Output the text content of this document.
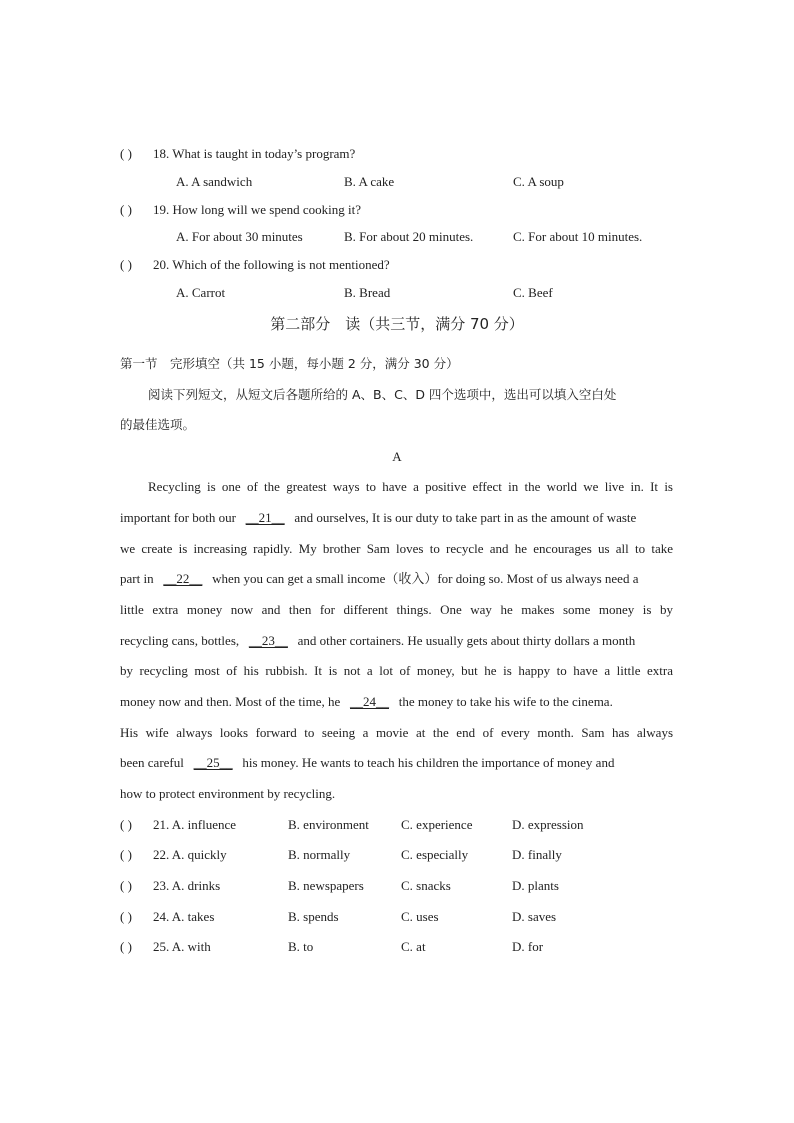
( ) 18. What is taught in today’s program?
A. A sandwich	B. A cake	C. A soup
( ) 19. How long will we spend cooking it?
A. For about 30 minutes	B. For about 20 minutes.	C. For about 10 minutes.
( ) 20. Which of the following is not mentioned?
A. Carrot	B. Bread	C. Beef
第二部分　读（共三节，满分 70 分）
第一节　完形填空（共 15 小题，每小题 2 分，满分 30 分）
阅读下列短文，从短文后各题所给的 A、B、C、D 四个选项中，选出可以填入空白处
的最佳选项。
A
Recycling is one of the greatest ways to have a positive effect in the world we live in. It is
important for both our __21__ and ourselves, It is our duty to take part in as the amount of waste
we create is increasing rapidly. My brother Sam loves to recycle and he encourages us all to take
part in __22__ when you can get a small income（收入）for doing so. Most of us always need a
little extra money now and then for different things. One way he makes some money is by
recycling cans, bottles, __23__ and other cortainers. He usually gets about thirty dollars a month
by recycling most of his rubbish. It is not a lot of money, but he is happy to have a little extra
money now and then. Most of the time, he __24__ the money to take his wife to the cinema.
His wife always looks forward to seeing a movie at the end of every month. Sam has always
been careful __25__ his money. He wants to teach his children the importance of money and
how to protect environment by recycling.
( ) 21. A. influence	B. environment C. experience	D. expression
( ) 22. A. quickly	B. normally	C. especially	D. finally
( ) 23. A. drinks	B. newspapers	C. snacks	D. plants
( ) 24. A. takes	B. spends	C. uses	D. saves
( ) 25. A. with	B. to	C. at	D. for
